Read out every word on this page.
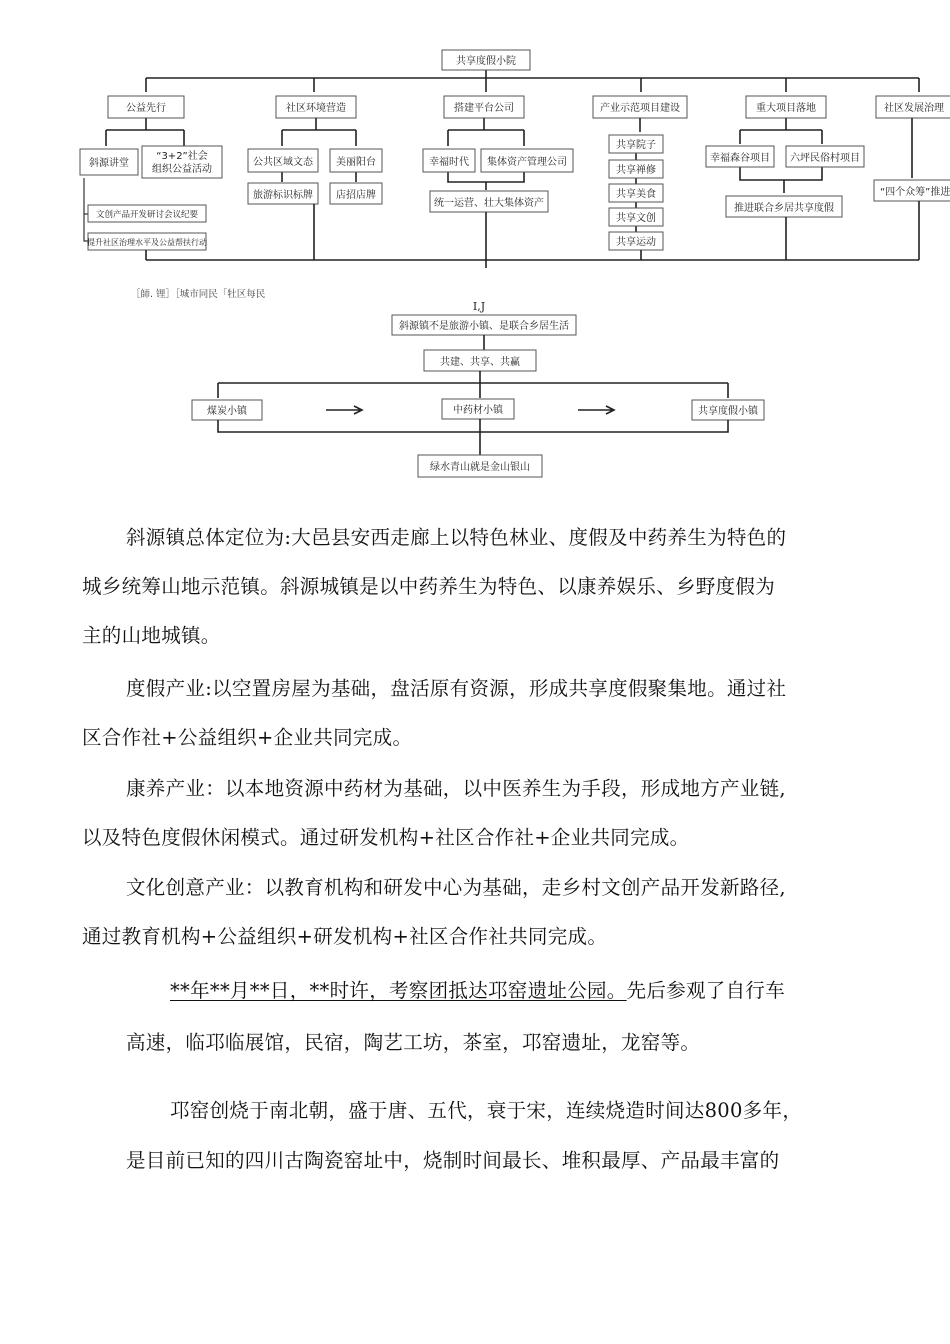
共享度假小院
公益先行
斜源讲堂
“3+2”社会
组织公益活动
文创产品开发研讨会议纪要
提升社区治理水平及公益帮扶行动
社区环境营造
公共区域文态 美丽阳台
旅游标识标牌 店招店牌
搭建平台公司
幸福时代 集体资产管理公司
统一运营、壮大集体资产
产业示范项目建设
共享院子
共享禅修
共享美食
共享文创
共享运动
重大项目落地
幸福森谷项目 六坪民俗村项目
推进联合乡居共享度假
社区发展治理
“四个众筹”推进
［師. 锂］［城市同民「牡区每民
I,J
斜源镇不是旅游小镇、是联合乡居生活
共建、共享、共赢
煤炭小镇	中药材小镇	共享度假小镇
绿水青山就是金山银山

斜源镇总体定位为:大邑县安西走廊上以特色林业、度假及中药养生为特色的

城乡统筹山地示范镇。斜源城镇是以中药养生为特色、以康养娱乐、乡野度假为

主的山地城镇。

度假产业:以空置房屋为基础，盘活原有资源，形成共享度假聚集地。通过社

区合作社+公益组织+企业共同完成。

康养产业：以本地资源中药材为基础，以中医养生为手段，形成地方产业链,

以及特色度假休闲模式。通过研发机构+社区合作社+企业共同完成。

文化创意产业：以教育机构和研发中心为基础，走乡村文创产品开发新路径,

通过教育机构+公益组织+研发机构+社区合作社共同完成。

**年**月**日，**时许，考察团抵达邛窑遗址公园。先后参观了自行车

高速，临邛临展馆，民宿，陶艺工坊，茶室，邛窑遗址，龙窑等。

邛窑创烧于南北朝，盛于唐、五代，衰于宋，连续烧造时间达800多年，

是目前已知的四川古陶瓷窑址中，烧制时间最长、堆积最厚、产品最丰富的
